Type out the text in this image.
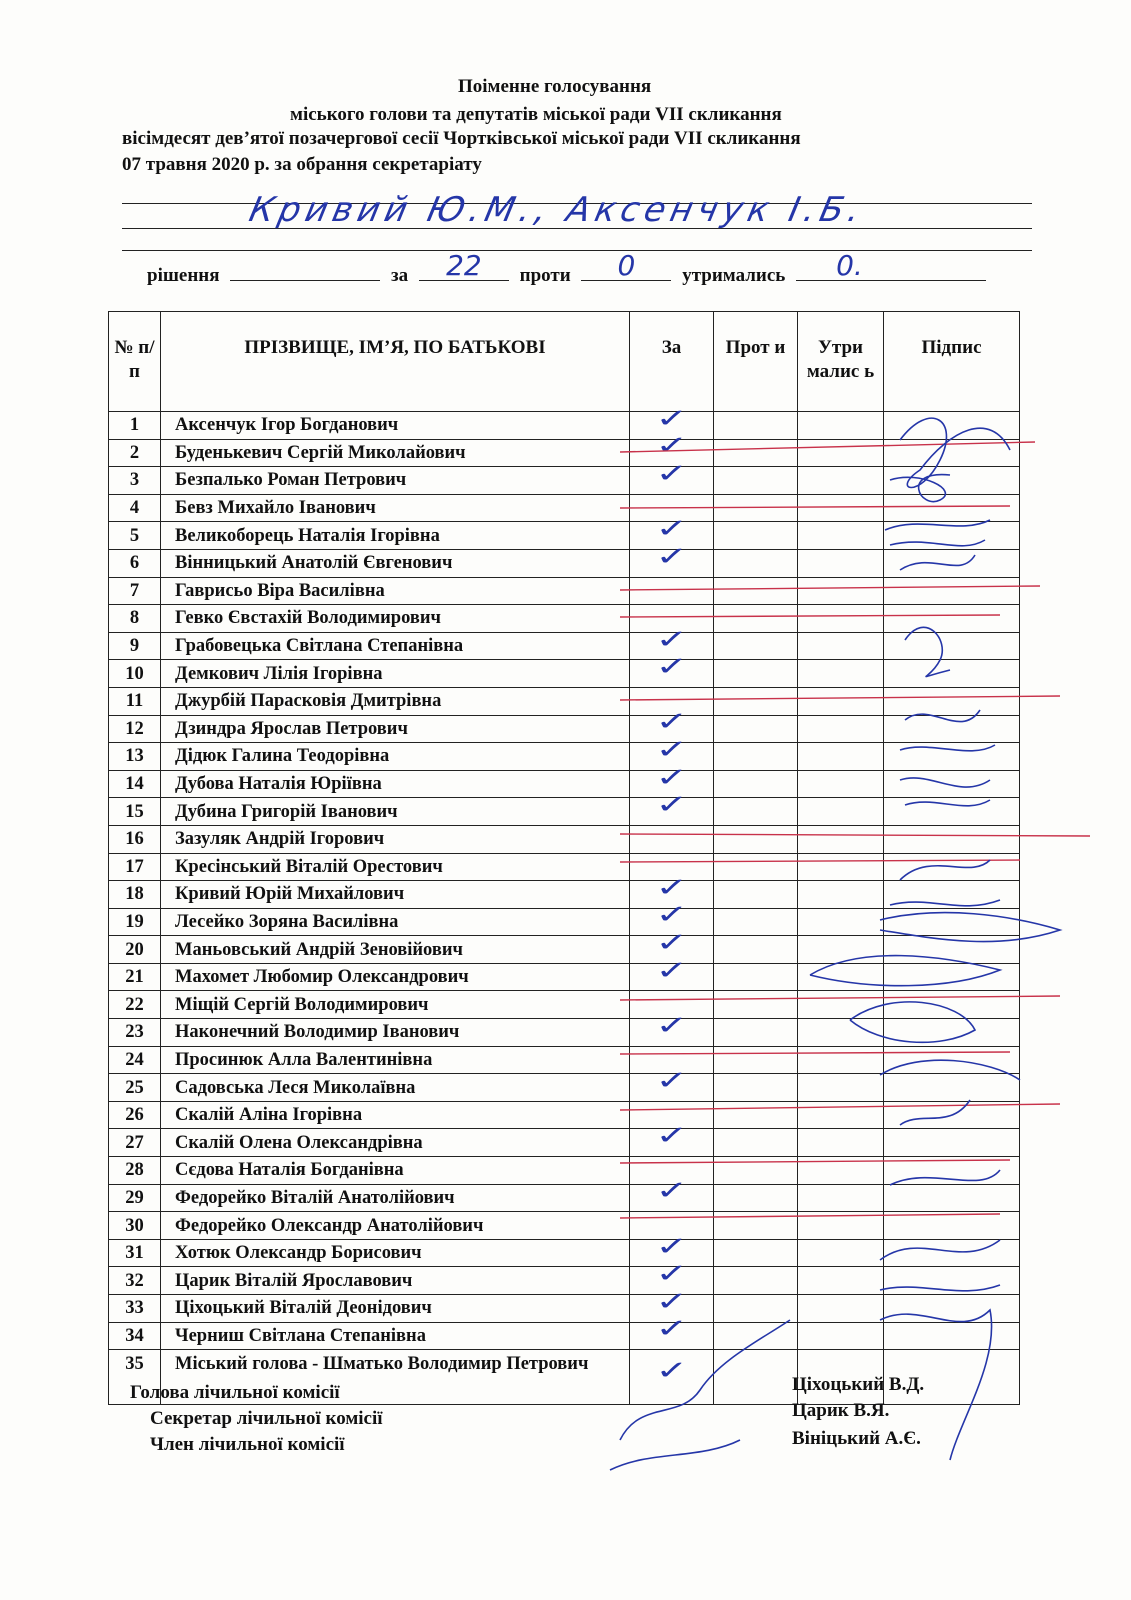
Поіменне голосування
міського голови та депутатів міської ради VII скликання
вісімдесят дев’ятої позачергової сесії Чортківської міської ради VII скликання
07 травня 2020 р. за обрання секретаріату
Кривий Ю.М., Аксенчук І.Б.
рішення	за	22	проти	0	утримались	0.
№ п/п	ПРІЗВИЩЕ, ІМ’Я, ПО БАТЬКОВІ	За	Прот и	Утри малис ь	Підпис
1	Аксенчук Ігор Богданович	✓			
2	Буденькевич Сергій Миколайович	✓			
3	Безпалько Роман Петрович	✓			
4	Бевз Михайло Іванович				
5	Великоборець Наталія Ігорівна	✓			
6	Вінницький Анатолій Євгенович	✓			
7	Гаврисьо Віра Василівна				
8	Гевко Євстахій Володимирович				
9	Грабовецька Світлана Степанівна	✓			
10	Демкович Лілія Ігорівна	✓			
11	Джурбій Парасковія Дмитрівна				
12	Дзиндра Ярослав Петрович	✓			
13	Дідюк Галина Теодорівна	✓			
14	Дубова Наталія Юріївна	✓			
15	Дубина Григорій Іванович	✓			
16	Зазуляк Андрій Ігорович				
17	Кресінський Віталій Орестович				
18	Кривий Юрій Михайлович	✓			
19	Лесейко Зоряна Василівна	✓			
20	Маньовський Андрій Зеновійович	✓			
21	Махомет Любомир Олександрович	✓			
22	Міщій Сергій Володимирович				
23	Наконечний Володимир Іванович	✓			
24	Просинюк Алла Валентинівна				
25	Садовська Леся Миколаївна	✓			
26	Скалій Аліна Ігорівна				
27	Скалій Олена Олександрівна	✓			
28	Сєдова Наталія Богданівна				
29	Федорейко Віталій Анатолійович	✓			
30	Федорейко Олександр Анатолійович				
31	Хотюк Олександр Борисович	✓			
32	Царик Віталій Ярославович	✓			
33	Ціхоцький Віталій Деонідович	✓			
34	Черниш Світлана Степанівна	✓			
35	Міський голова - Шматько Володимир Петрович	✓			
Голова лічильної комісії
Секретар лічильної комісії
Член лічильної комісії
Ціхоцький В.Д.
Царик В.Я.
Вініцький А.Є.
